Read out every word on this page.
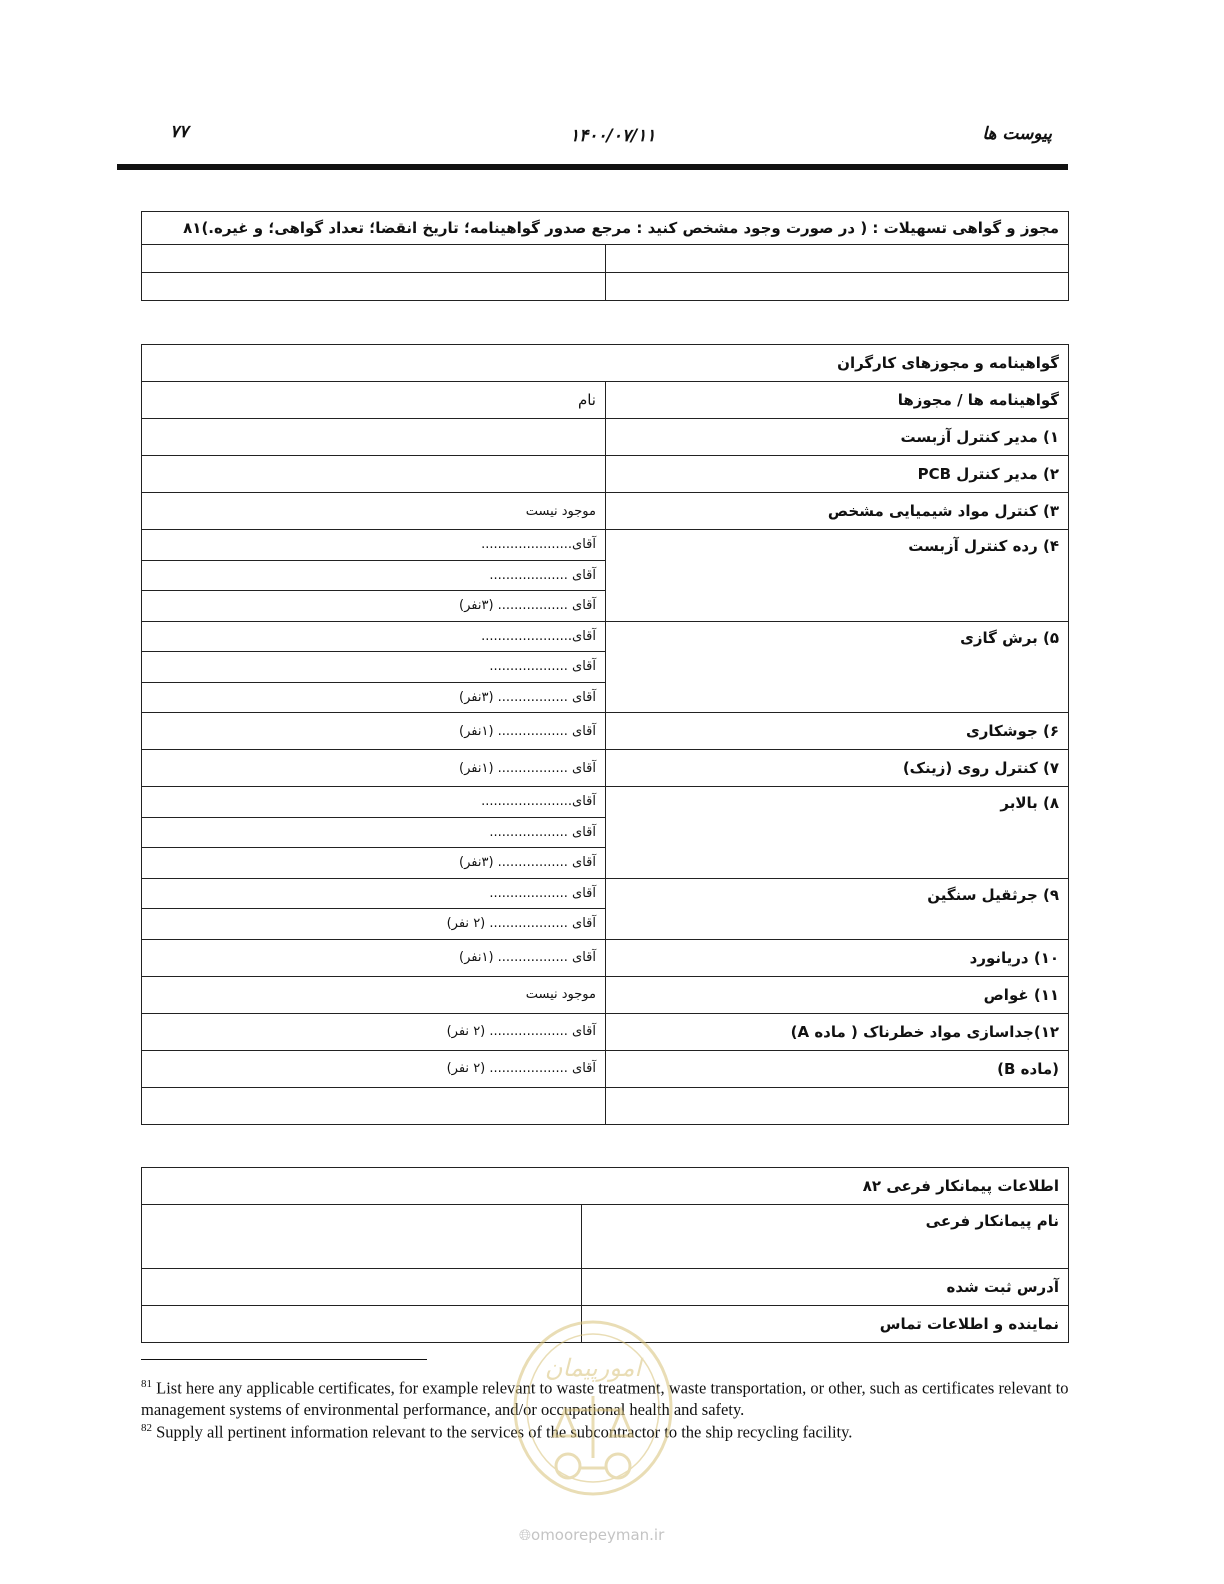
پیوست ها
۱۴۰۰/۰۷/۱۱
۷۷
مجوز و گواهی تسهیلات : ( در صورت وجود مشخص کنید : مرجع صدور گواهینامه؛ تاریخ انقضا؛ تعداد گواهی؛ و غیره.)۸۱	

گواهینامه و مجوزهای کارگران	
گواهینامه ها / مجوزها	نام
۱) مدیر کنترل آزبست	
۲) مدیر کنترل PCB	
۳) کنترل مواد شیمیایی مشخص	موجود نیست
۴) رده کنترل آزبست	آقای......................
	آقای ...................
	آقای ................. (۳نفر)
۵) برش گازی	آقای......................
	آقای ...................
	آقای ................. (۳نفر)
۶) جوشکاری	آقای ................. (۱نفر)
۷) کنترل روی (زینک)	آقای ................. (۱نفر)
۸) بالابر	آقای......................
	آقای ...................
	آقای ................. (۳نفر)
۹) جرثقیل سنگین	آقای ...................
	آقای ................... (۲ نفر)
۱۰) دریانورد	آقای ................. (۱نفر)
۱۱) غواص	موجود نیست
۱۲)جداسازی مواد خطرناک ( ماده A)	آقای ................... (۲ نفر)
(ماده B)	آقای ................... (۲ نفر)

اطلاعات پیمانکار فرعی ۸۲	
نام پیمانکار فرعی	
آدرس ثبت شده	
نماینده و اطلاعات تماس	
$^{81}$ List here any applicable certificates, for example relevant to waste treatment, waste transportation, or other, such as certificates relevant to management systems of environmental performance, and/or occupational health and safety.
$^{82}$ Supply all pertinent information relevant to the services of the subcontractor to the ship recycling facility.
امورپیمان
🌐︎omoorepeyman.ir
